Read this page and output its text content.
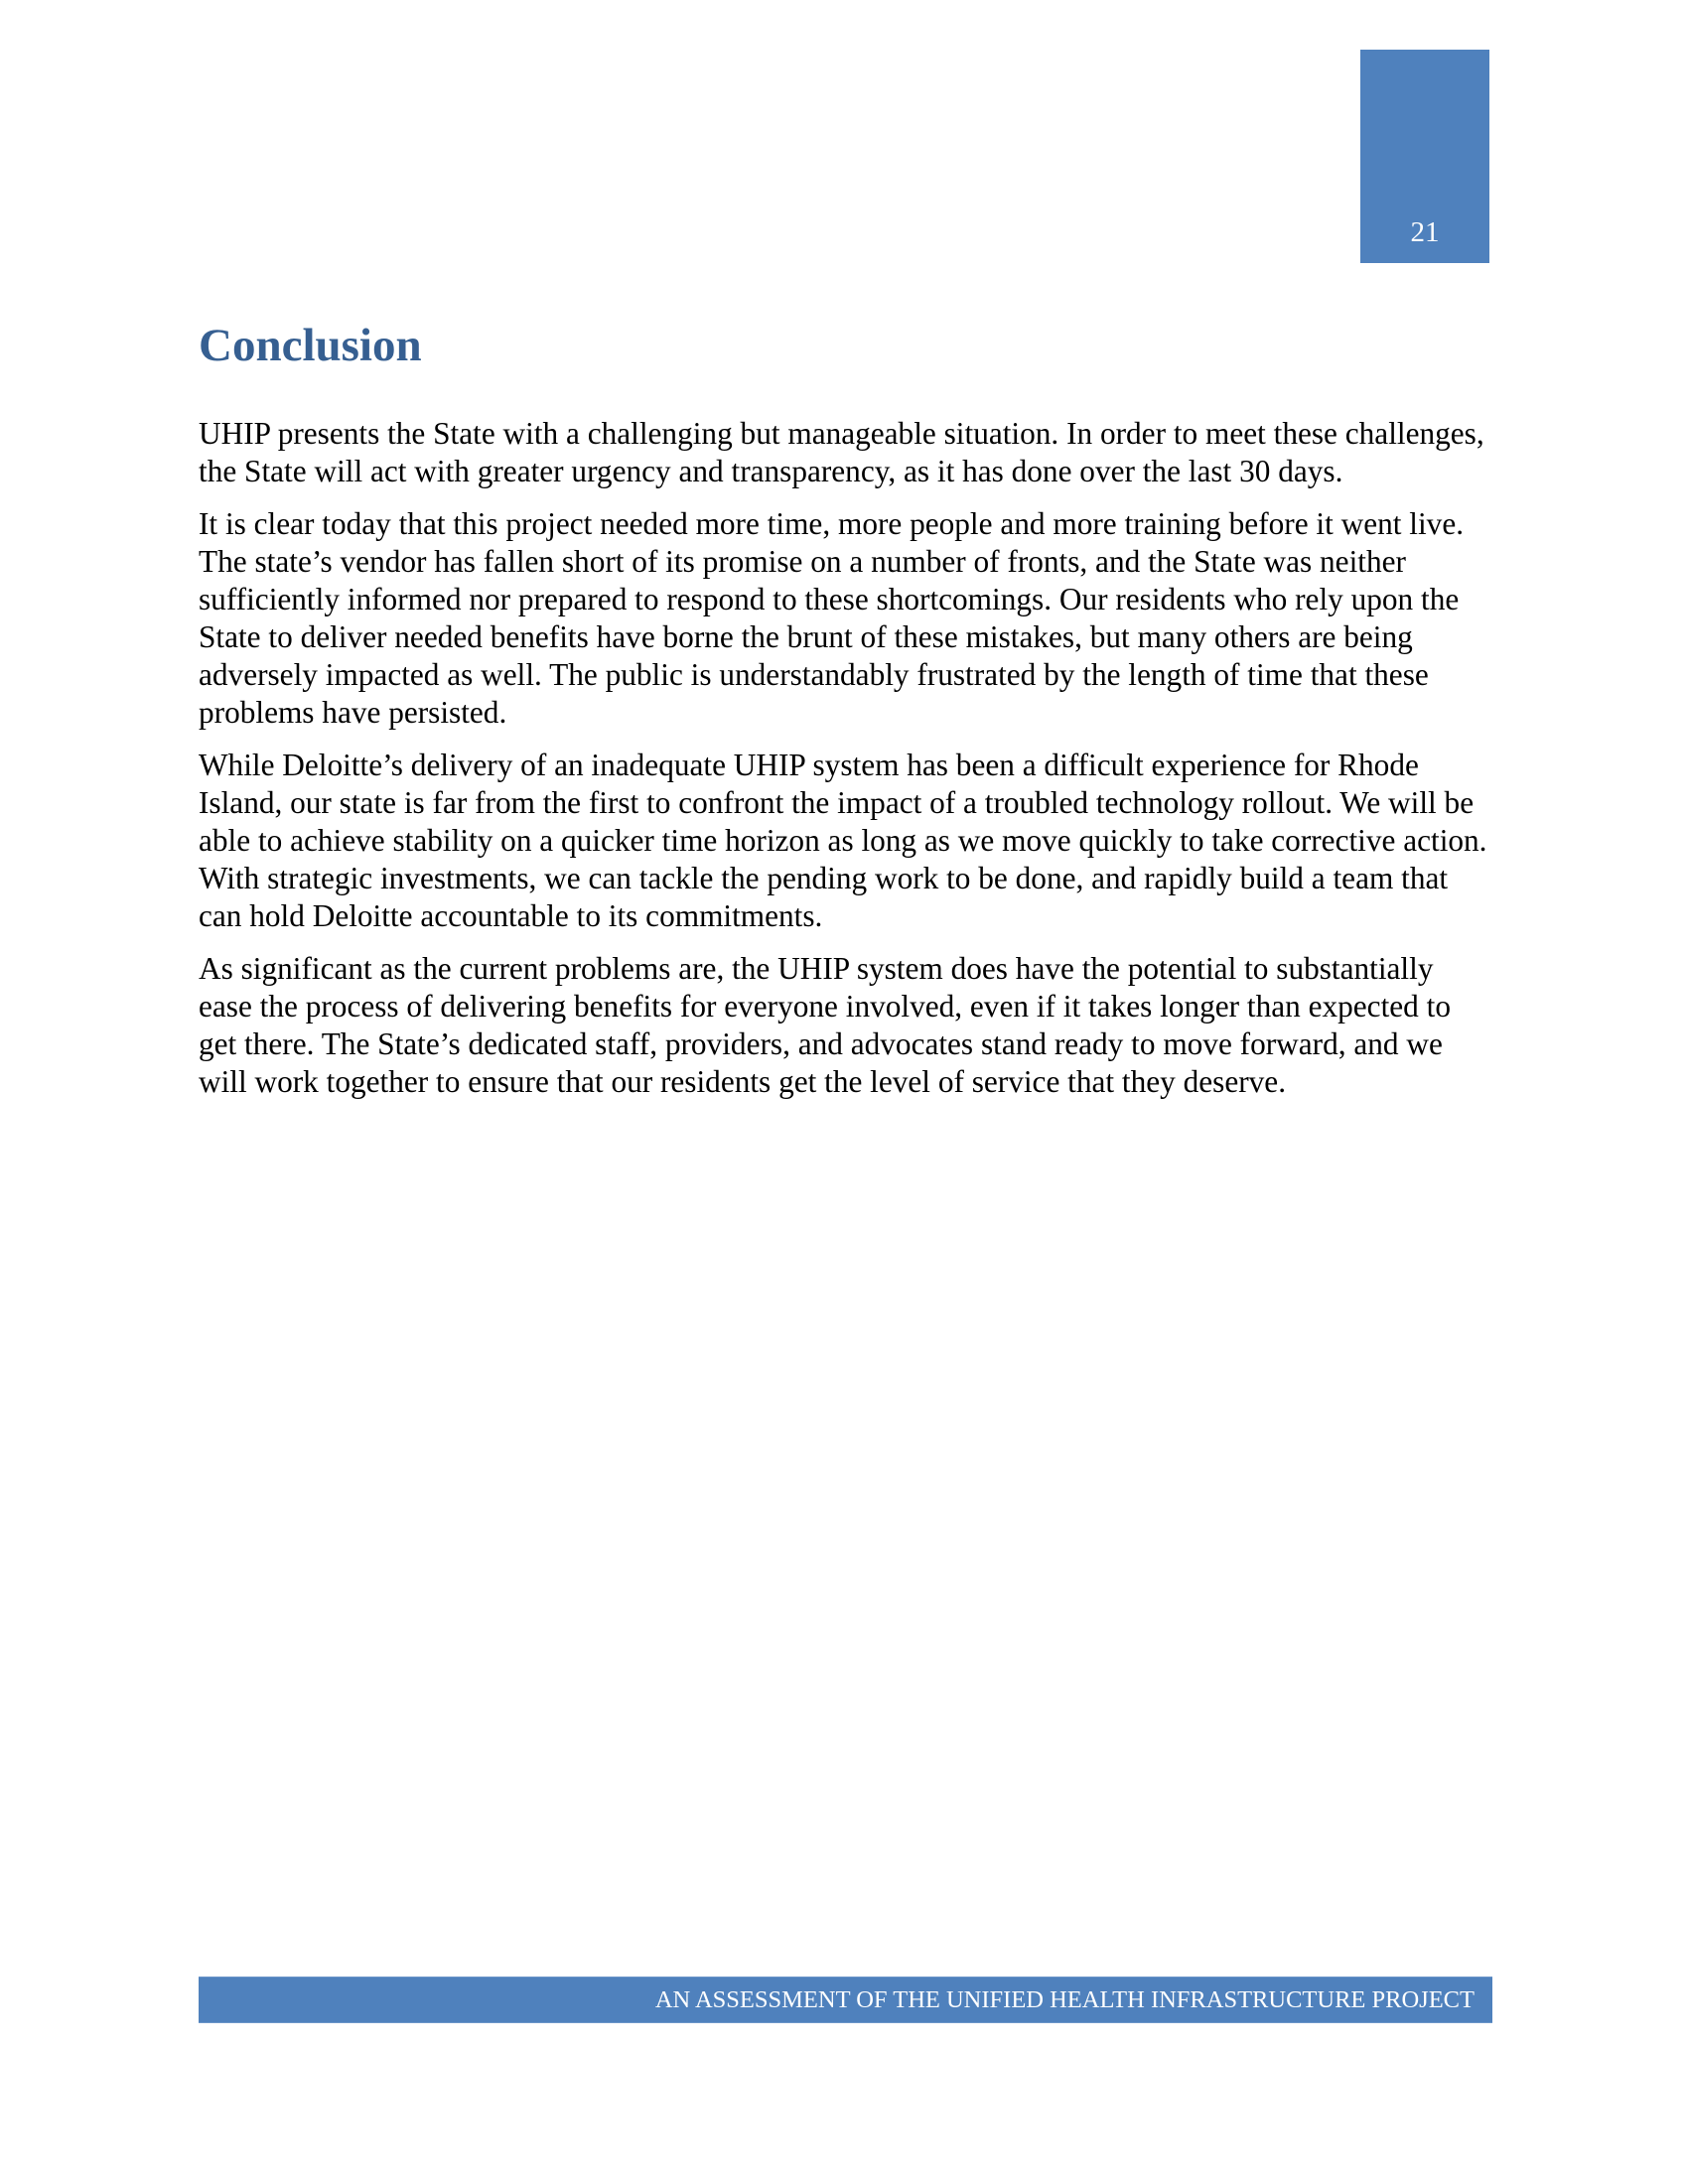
21
Conclusion

UHIP presents the State with a challenging but manageable situation. In order to meet these challenges, the State will act with greater urgency and transparency, as it has done over the last 30 days.

It is clear today that this project needed more time, more people and more training before it went live. The state’s vendor has fallen short of its promise on a number of fronts, and the State was neither sufficiently informed nor prepared to respond to these shortcomings. Our residents who rely upon the State to deliver needed benefits have borne the brunt of these mistakes, but many others are being adversely impacted as well. The public is understandably frustrated by the length of time that these problems have persisted.

While Deloitte’s delivery of an inadequate UHIP system has been a difficult experience for Rhode Island, our state is far from the first to confront the impact of a troubled technology rollout. We will be able to achieve stability on a quicker time horizon as long as we move quickly to take corrective action. With strategic investments, we can tackle the pending work to be done, and rapidly build a team that can hold Deloitte accountable to its commitments.

As significant as the current problems are, the UHIP system does have the potential to substantially ease the process of delivering benefits for everyone involved, even if it takes longer than expected to get there. The State’s dedicated staff, providers, and advocates stand ready to move forward, and we will work together to ensure that our residents get the level of service that they deserve.

AN ASSESSMENT OF THE UNIFIED HEALTH INFRASTRUCTURE PROJECT
